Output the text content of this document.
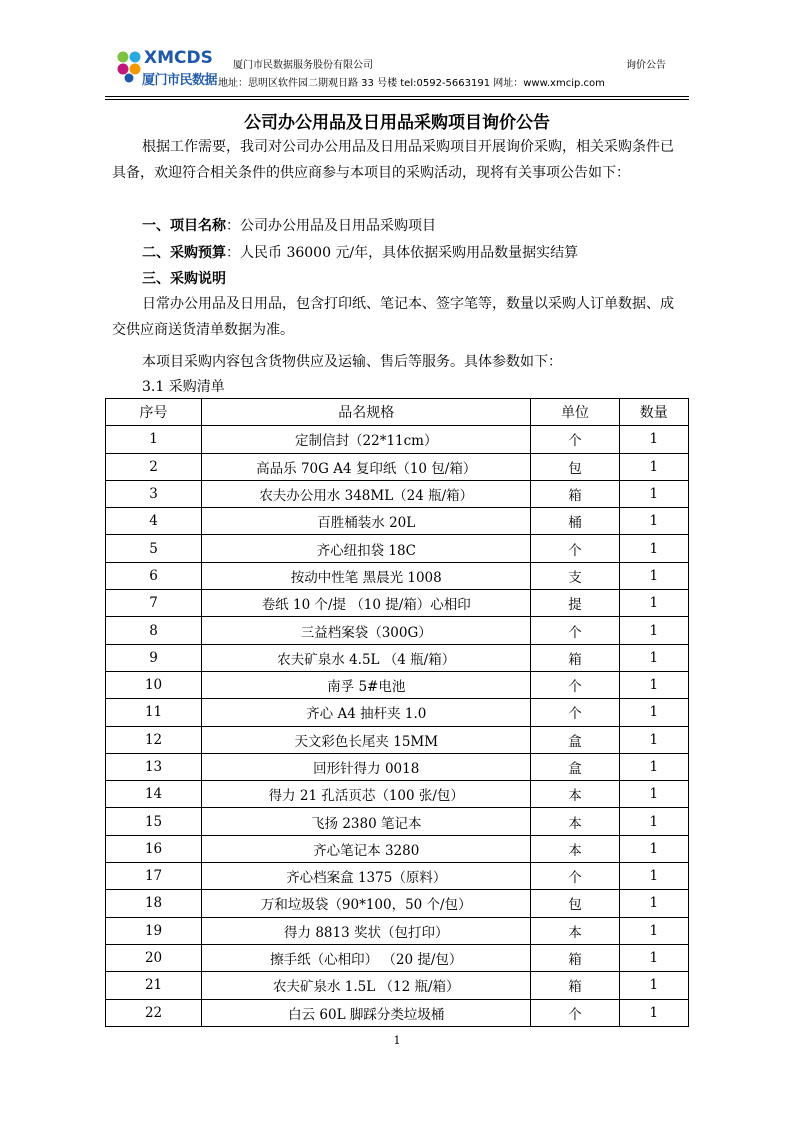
XMCDS
厦门市民数据
厦门市民数据服务股份有限公司
地址：思明区软件园二期观日路 33 号楼 tel:0592-5663191 网址：www.xmcip.com
询价公告
公司办公用品及日用品采购项目询价公告
根据工作需要，我司对公司办公用品及日用品采购项目开展询价采购，相关采购条件已具备，欢迎符合相关条件的供应商参与本项目的采购活动，现将有关事项公告如下：
一、项目名称：公司办公用品及日用品采购项目
二、采购预算：人民币 36000 元/年，具体依据采购用品数量据实结算
三、采购说明
日常办公用品及日用品，包含打印纸、笔记本、签字笔等，数量以采购人订单数据、成交供应商送货清单数据为准。
本项目采购内容包含货物供应及运输、售后等服务。具体参数如下：
3.1 采购清单
序号	品名规格	单位	数量
1	定制信封（22*11cm）	个	1
2	高品乐 70G A4 复印纸（10 包/箱）	包	1
3	农夫办公用水 348ML（24 瓶/箱）	箱	1
4	百胜桶装水 20L	桶	1
5	齐心纽扣袋 18C	个	1
6	按动中性笔 黑晨光 1008	支	1
7	卷纸 10 个/提 （10 提/箱）心相印	提	1
8	三益档案袋（300G）	个	1
9	农夫矿泉水 4.5L （4 瓶/箱）	箱	1
10	南孚 5#电池	个	1
11	齐心 A4 抽杆夹 1.0	个	1
12	天文彩色长尾夹 15MM	盒	1
13	回形针得力 0018	盒	1
14	得力 21 孔活页芯（100 张/包）	本	1
15	飞扬 2380 笔记本	本	1
16	齐心笔记本 3280	本	1
17	齐心档案盒 1375（原料）	个	1
18	万和垃圾袋（90*100，50 个/包）	包	1
19	得力 8813 奖状（包打印）	本	1
20	擦手纸（心相印） （20 提/包）	箱	1
21	农夫矿泉水 1.5L （12 瓶/箱）	箱	1
22	白云 60L 脚踩分类垃圾桶	个	1
1
